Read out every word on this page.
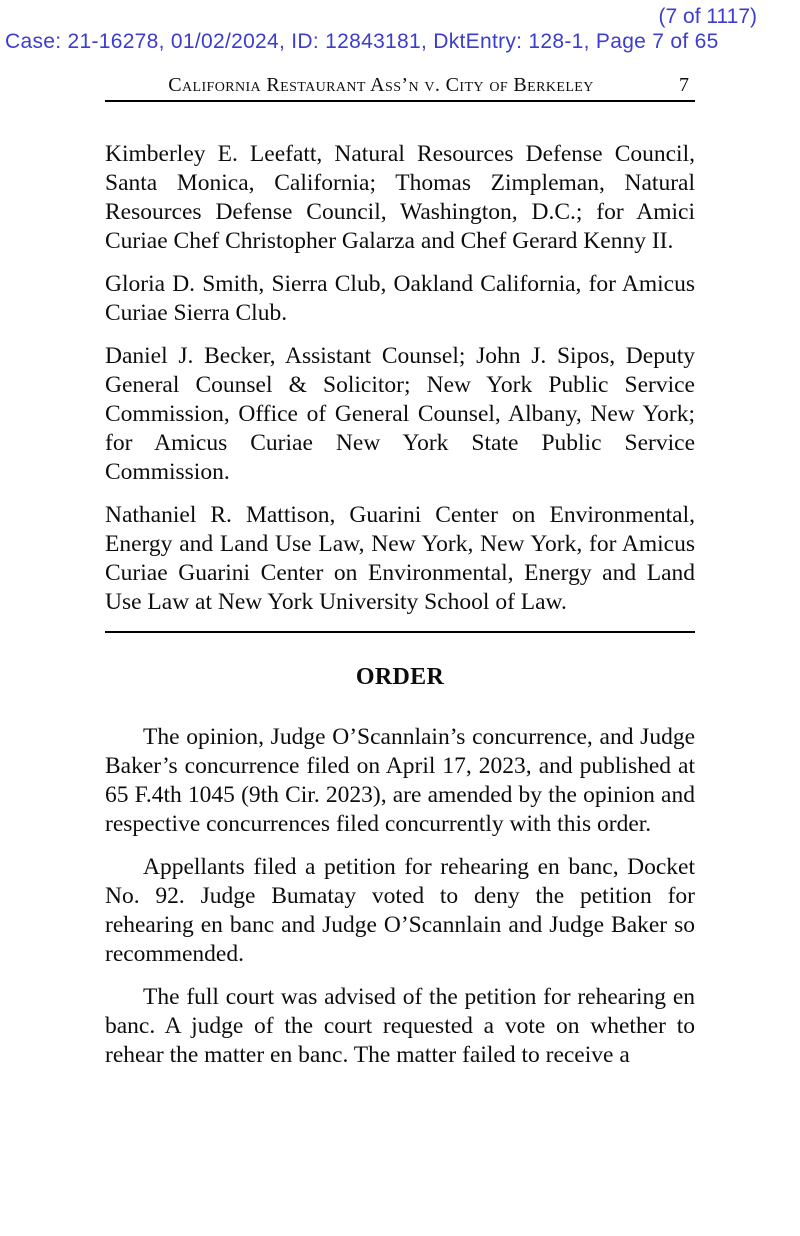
(7 of 1117)
Case: 21-16278, 01/02/2024, ID: 12843181, DktEntry: 128-1, Page 7 of 65
California Restaurant Ass’n v. City of Berkeley	7

Kimberley E. Leefatt, Natural Resources Defense Council, Santa Monica, California; Thomas Zimpleman, Natural Resources Defense Council, Washington, D.C.; for Amici Curiae Chef Christopher Galarza and Chef Gerard Kenny II.

Gloria D. Smith, Sierra Club, Oakland California, for Amicus Curiae Sierra Club.

Daniel J. Becker, Assistant Counsel; John J. Sipos, Deputy General Counsel & Solicitor; New York Public Service Commission, Office of General Counsel, Albany, New York; for Amicus Curiae New York State Public Service Commission.

Nathaniel R. Mattison, Guarini Center on Environmental, Energy and Land Use Law, New York, New York, for Amicus Curiae Guarini Center on Environmental, Energy and Land Use Law at New York University School of Law.

ORDER

The opinion, Judge O’Scannlain’s concurrence, and Judge Baker’s concurrence filed on April 17, 2023, and published at 65 F.4th 1045 (9th Cir. 2023), are amended by the opinion and respective concurrences filed concurrently with this order.

Appellants filed a petition for rehearing en banc, Docket No. 92. Judge Bumatay voted to deny the petition for rehearing en banc and Judge O’Scannlain and Judge Baker so recommended.

The full court was advised of the petition for rehearing en banc. A judge of the court requested a vote on whether to rehear the matter en banc. The matter failed to receive a
